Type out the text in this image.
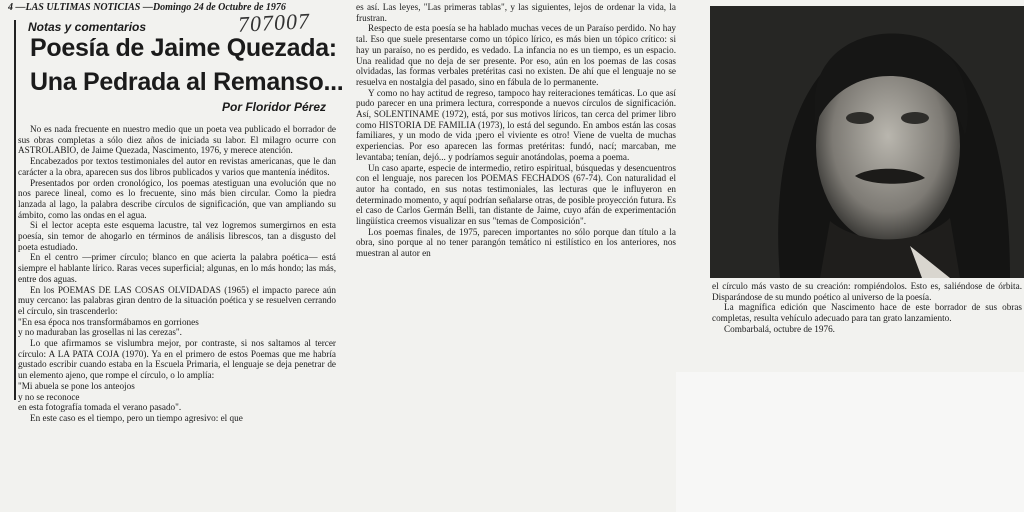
4 —LAS ULTIMAS NOTICIAS —Domingo 24 de Octubre de 1976
707007
Notas y comentarios
Poesía de Jaime Quezada:
Una Pedrada al Remanso...
Por Floridor Pérez

No es nada frecuente en nuestro medio que un poeta vea publicado el borrador de sus obras completas a sólo diez años de iniciada su labor. El milagro ocurre con ASTROLABIO, de Jaime Quezada, Nascimento, 1976, y merece atención.

Encabezados por textos testimoniales del autor en revistas americanas, que le dan carácter a la obra, aparecen sus dos libros publicados y varios que mantenía inéditos.

Presentados por orden cronológico, los poemas atestiguan una evolución que no nos parece lineal, como es lo frecuente, sino más bien circular. Como la piedra lanzada al lago, la palabra describe círculos de significación, que van ampliando su ámbito, como las ondas en el agua.

Si el lector acepta este esquema lacustre, tal vez logremos sumergirnos en esta poesía, sin temor de ahogarlo en términos de análisis librescos, tan a disgusto del poeta estudiado.

En el centro —primer círculo; blanco en que acierta la palabra poética— está siempre el hablante lírico. Raras veces superficial; algunas, en lo más hondo; las más, entre dos aguas.

En los POEMAS DE LAS COSAS OLVIDADAS (1965) el impacto parece aún muy cercano: las palabras giran dentro de la situación poética y se resuelven cerrando el círculo, sin trascenderlo:

"En esa época nos transformábamos en gorriones

y no maduraban las grosellas ni las cerezas".

Lo que afirmamos se vislumbra mejor, por contraste, si nos saltamos al tercer círculo: A LA PATA COJA (1970). Ya en el primero de estos Poemas que me habría gustado escribir cuando estaba en la Escuela Primaria, el lenguaje se deja penetrar de un elemento ajeno, que rompe el círculo, o lo amplía:

"Mi abuela se pone los anteojos

y no se reconoce

en esta fotografía tomada el verano pasado".

En este caso es el tiempo, pero un tiempo agresivo: el que

es así. Las leyes, "Las primeras tablas", y las siguientes, lejos de ordenar la vida, la frustran.

Respecto de esta poesía se ha hablado muchas veces de un Paraíso perdido. No hay tal. Eso que suele presentarse como un tópico lírico, es más bien un tópico crítico: si hay un paraíso, no es perdido, es vedado. La infancia no es un tiempo, es un espacio. Una realidad que no deja de ser presente. Por eso, aún en los poemas de las cosas olvidadas, las formas verbales pretéritas casi no existen. De ahí que el lenguaje no se resuelva en nostalgia del pasado, sino en fábula de lo permanente.

Y como no hay actitud de regreso, tampoco hay reiteraciones temáticas. Lo que así pudo parecer en una primera lectura, corresponde a nuevos círculos de significación. Así, SOLENTINAME (1972), está, por sus motivos líricos, tan cerca del primer libro como HISTORIA DE FAMILIA (1973), lo está del segundo. En ambos están las cosas familiares, y un modo de vida ¡pero el viviente es otro! Viene de vuelta de muchas experiencias. Por eso aparecen las formas pretéritas: fundó, nací; marcaban, me levantaba; tenían, dejó... y podríamos seguir anotándolas, poema a poema.

Un caso aparte, especie de intermedio, retiro espiritual, búsquedas y desencuentros con el lenguaje, nos parecen los POEMAS FECHADOS (67-74). Con naturalidad el autor ha contado, en sus notas testimoniales, las lecturas que le influyeron en determinado momento, y aquí podrían señalarse otras, de posible proyección futura. Es el caso de Carlos Germán Belli, tan distante de Jaime, cuyo afán de experimentación lingüística creemos visualizar en sus "temas de Composición".

Los poemas finales, de 1975, parecen importantes no sólo porque dan título a la obra, sino porque al no tener parangón temático ni estilístico en los anteriores, nos muestran al autor en

el círculo más vasto de su creación: rompiéndolos. Esto es, saliéndose de órbita. Disparándose de su mundo poético al universo de la poesía.

La magnífica edición que Nascimento hace de este borrador de sus obras completas, resulta vehículo adecuado para tan grato lanzamiento.

Combarbalá, octubre de 1976.
